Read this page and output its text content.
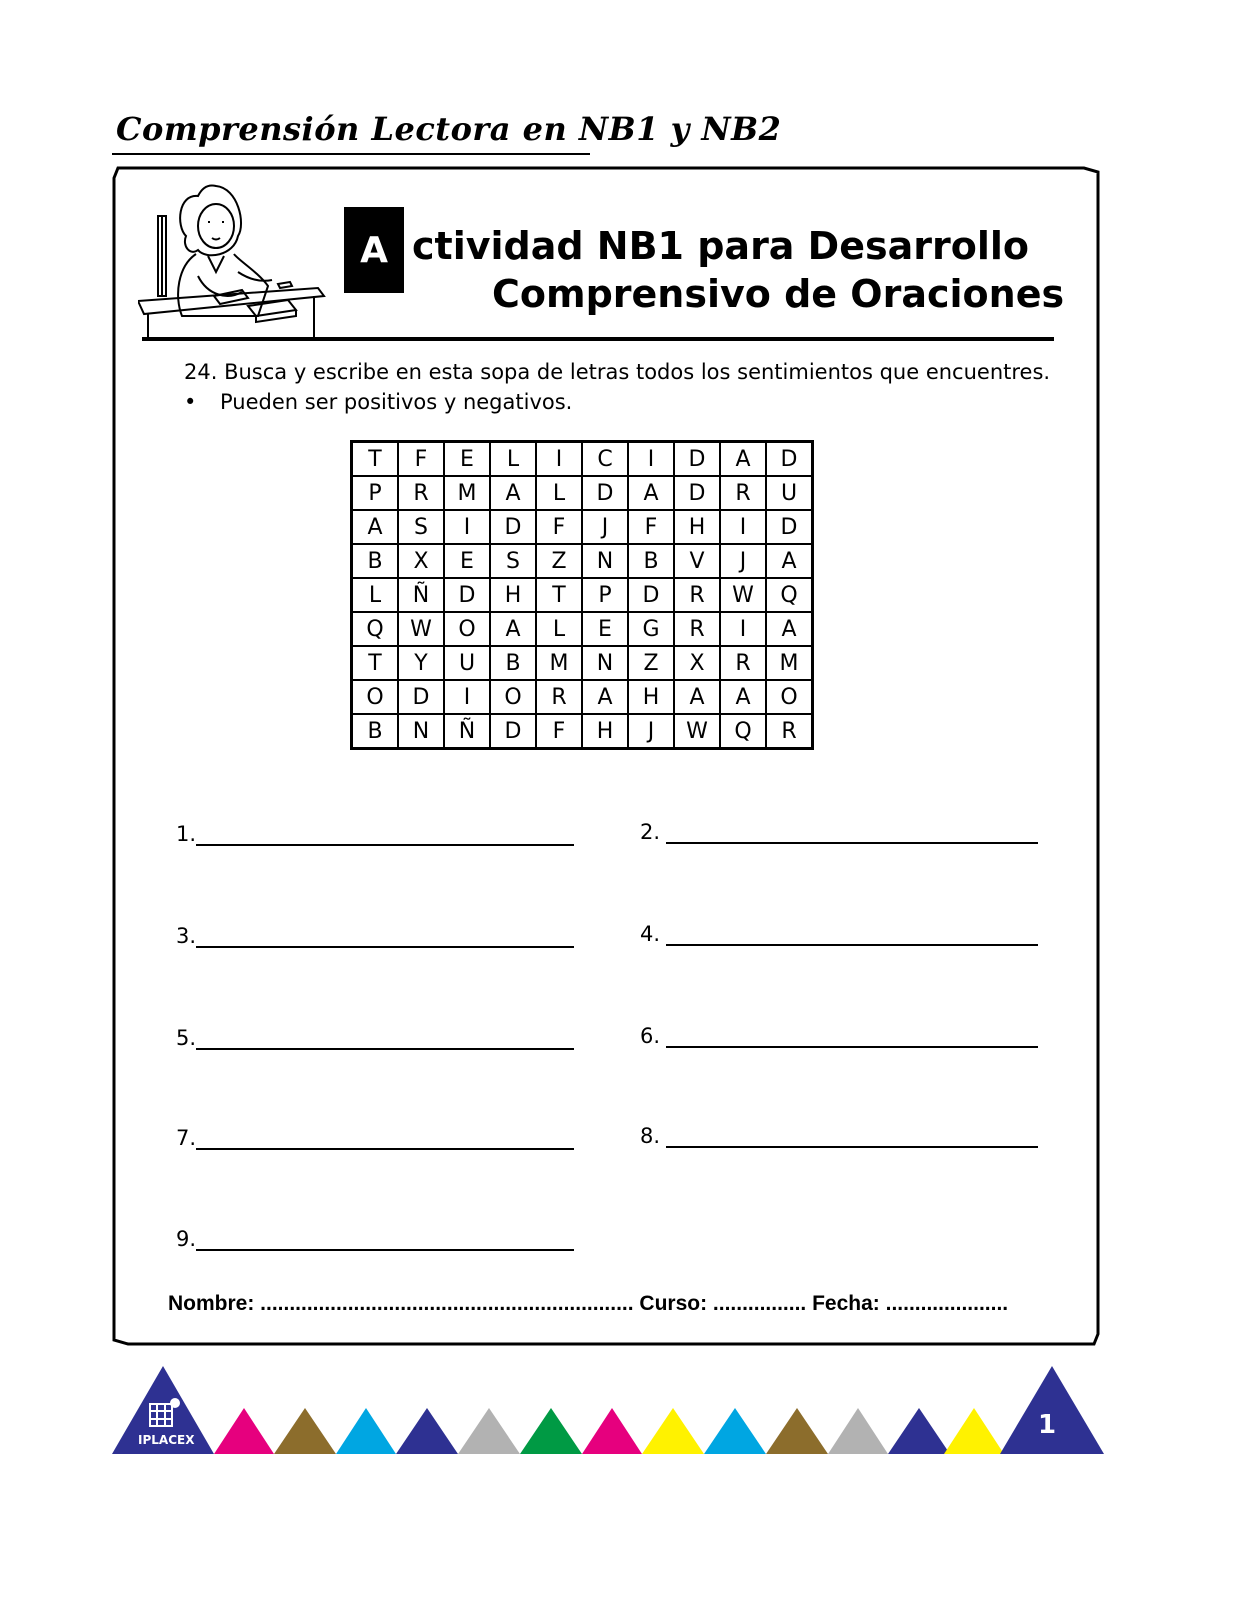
Comprensión Lectora en NB1 y NB2
A ctividad NB1 para Desarrollo
Comprensivo de Oraciones
24. Busca y escribe en esta sopa de letras todos los sentimientos que encuentres.
• Pueden ser positivos y negativos.
T	F	E	L	I	C	I	D	A	D
P	R	M	A	L	D	A	D	R	U
A	S	I	D	F	J	F	H	I	D
B	X	E	S	Z	N	B	V	J	A
L	Ñ	D	H	T	P	D	R	W	Q
Q	W	O	A	L	E	G	R	I	A
T	Y	U	B	M	N	Z	X	R	M
O	D	I	O	R	A	H	A	A	O
B	N	Ñ	D	F	H	J	W	Q	R
1.	2.
3.	4.
5.	6.
7.	8.
9.
Nombre: ................................................................ Curso: ................ Fecha: .....................
IPLACEX	1
